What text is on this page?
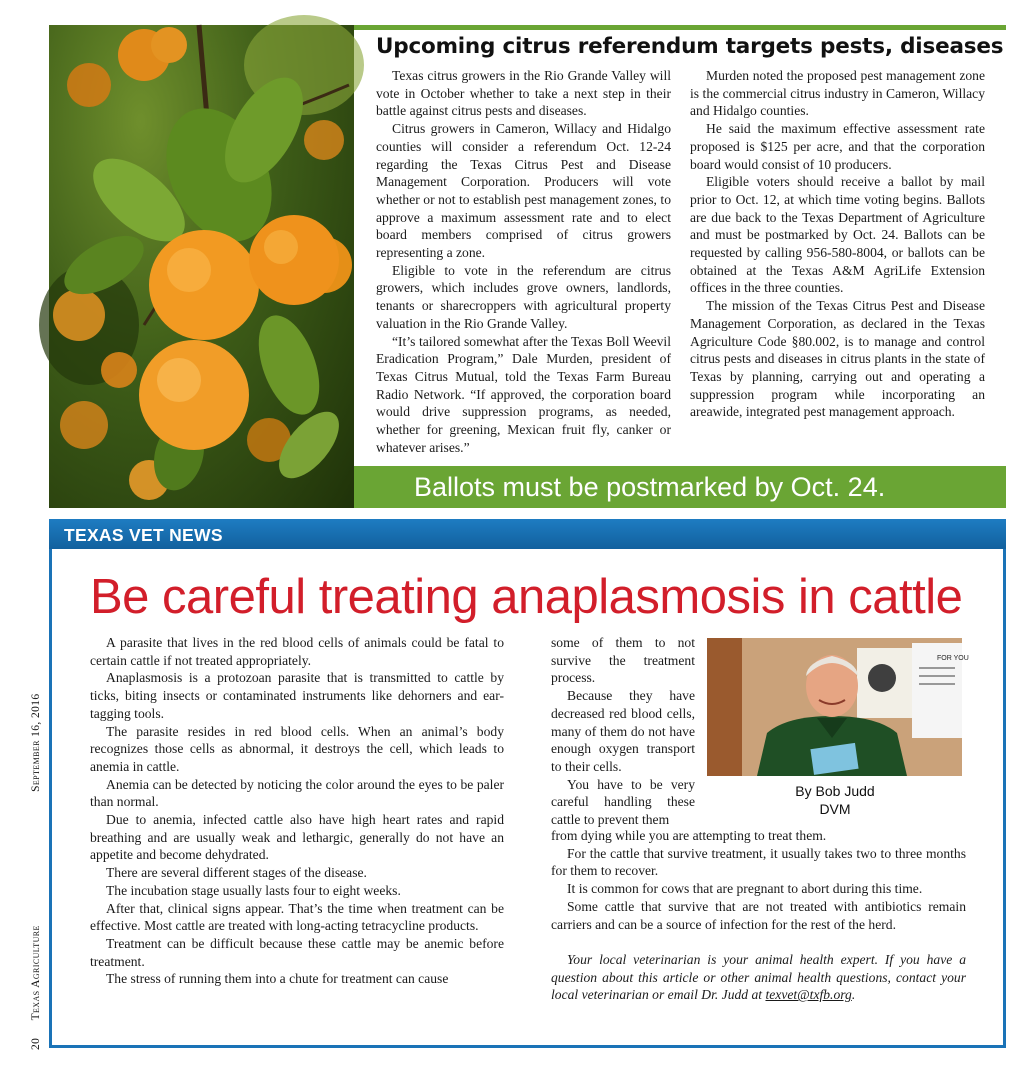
20 Texas Agriculture September 16, 2016
Upcoming citrus referendum targets pests, diseases

Texas citrus growers in the Rio Grande Valley will vote in October whether to take a next step in their battle against citrus pests and diseases.

Citrus growers in Cameron, Willacy and Hidalgo counties will consider a referendum Oct. 12-24 regarding the Texas Citrus Pest and Disease Management Corporation. Producers will vote whether or not to establish pest management zones, to approve a maximum assessment rate and to elect board members comprised of citrus growers representing a zone.

Eligible to vote in the referendum are citrus growers, which includes grove owners, landlords, tenants or sharecroppers with agricultural property valuation in the Rio Grande Valley.

“It’s tailored somewhat after the Texas Boll Weevil Eradication Program,” Dale Murden, president of Texas Citrus Mutual, told the Texas Farm Bureau Radio Network. “If approved, the corporation board would drive suppression programs, as needed, whether for greening, Mexican fruit fly, canker or whatever arises.”

Murden noted the proposed pest management zone is the commercial citrus industry in Cameron, Willacy and Hidalgo counties.

He said the maximum effective assessment rate proposed is $125 per acre, and that the corporation board would consist of 10 producers.

Eligible voters should receive a ballot by mail prior to Oct. 12, at which time voting begins. Ballots are due back to the Texas Department of Agriculture and must be postmarked by Oct. 24. Ballots can be requested by calling 956-580-8004, or ballots can be obtained at the Texas A&M AgriLife Extension offices in the three counties.

The mission of the Texas Citrus Pest and Disease Management Corporation, as declared in the Texas Agriculture Code §80.002, is to manage and control citrus pests and diseases in citrus plants in the state of Texas by planning, carrying out and operating a suppression program while incorporating an areawide, integrated pest management approach.

Ballots must be postmarked by Oct. 24.
TEXAS VET NEWS
Be careful treating anaplasmosis in cattle

A parasite that lives in the red blood cells of animals could be fatal to certain cattle if not treated appropriately.

Anaplasmosis is a protozoan parasite that is transmitted to cattle by ticks, biting insects or contaminated instruments like dehorners and ear-tagging tools.

The parasite resides in red blood cells. When an animal’s body recognizes those cells as abnormal, it destroys the cell, which leads to anemia in cattle.

Anemia can be detected by noticing the color around the eyes to be paler than normal.

Due to anemia, infected cattle also have high heart rates and rapid breathing and are usually weak and lethargic, generally do not have an appetite and become dehydrated.

There are several different stages of the disease.

The incubation stage usually lasts four to eight weeks.

After that, clinical signs appear. That’s the time when treatment can be effective. Most cattle are treated with long-acting tetracycline products.

Treatment can be difficult because these cattle may be anemic before treatment.

The stress of running them into a chute for treatment can cause

some of them to not survive the treatment process.

Because they have decreased red blood cells, many of them do not have enough oxygen transport to their cells.

You have to be very careful handling these cattle to prevent them

FOR YOU

By Bob Judd
DVM

from dying while you are attempting to treat them.

For the cattle that survive treatment, it usually takes two to three months for them to recover.

It is common for cows that are pregnant to abort during this time.

Some cattle that survive that are not treated with antibiotics remain carriers and can be a source of infection for the rest of the herd.

Your local veterinarian is your animal health expert. If you have a question about this article or other animal health questions, contact your local veterinarian or email Dr. Judd at texvet@txfb.org.
